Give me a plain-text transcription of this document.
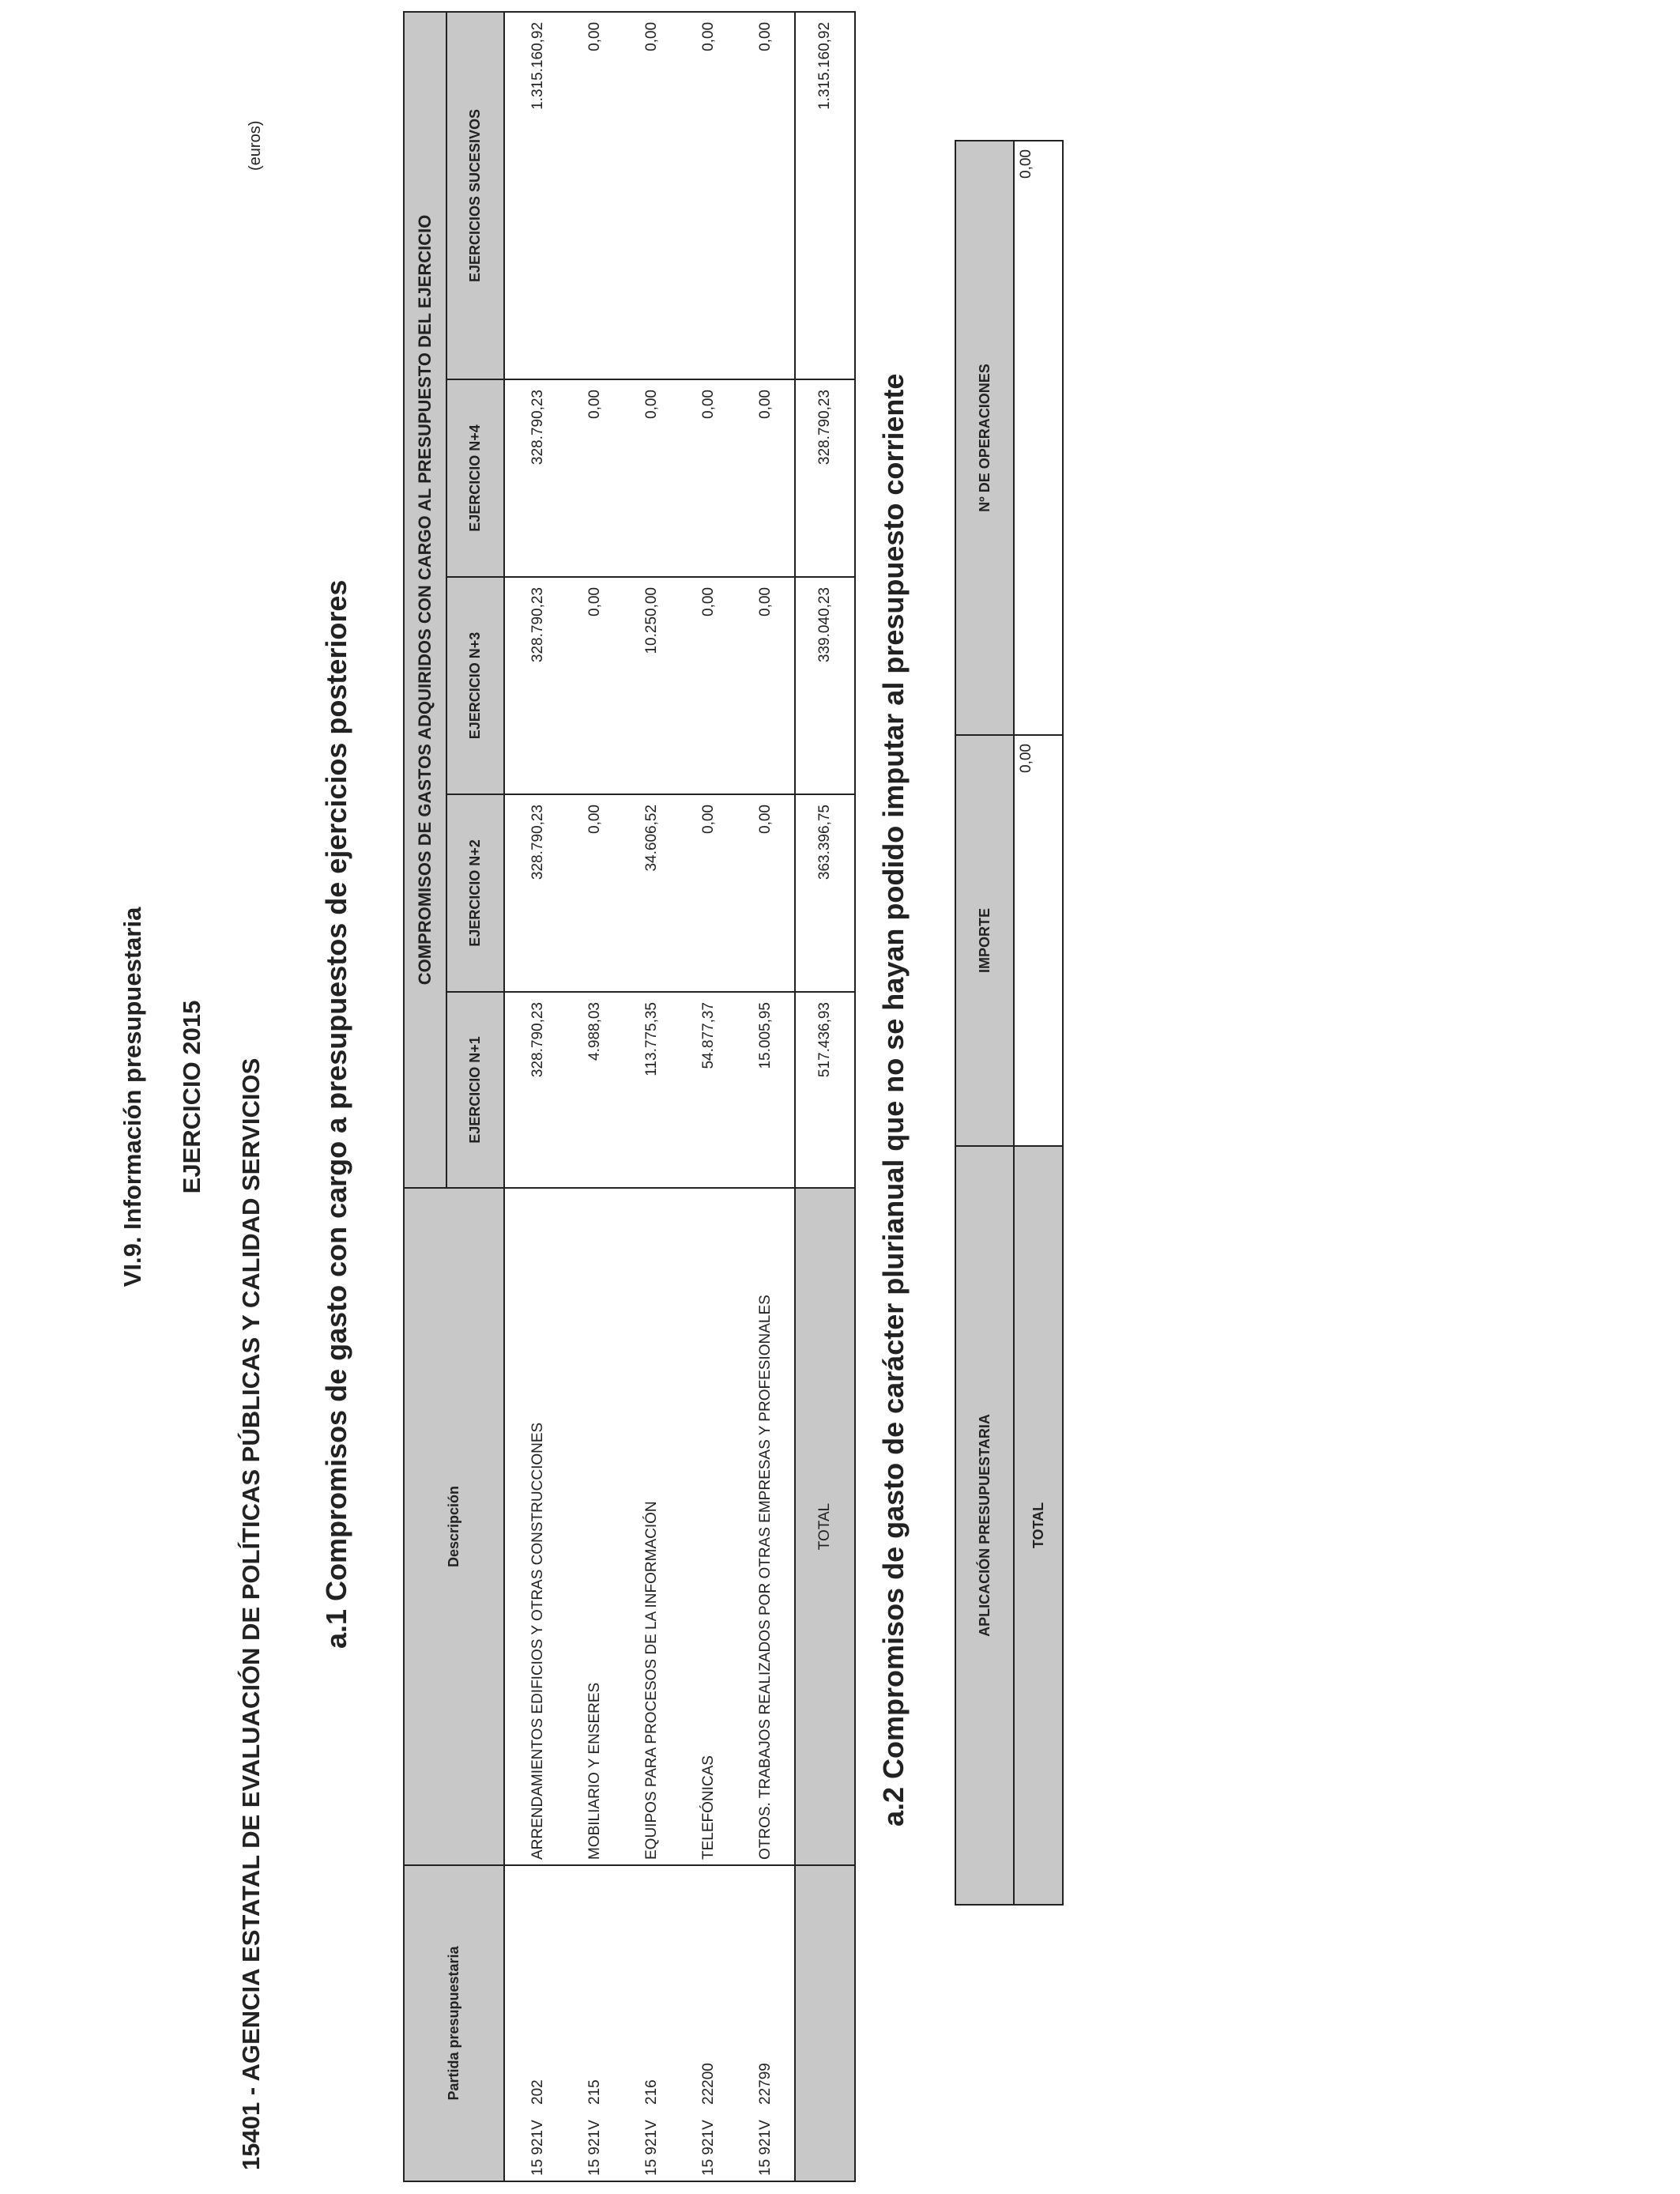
VI.9. Información presupuestaria EJERCICIO 2015 15401 - AGENCIA ESTATAL DE EVALUACIÓN DE POLÍTICAS PÚBLICAS Y CALIDAD SERVICIOS
(euros)
a.1 Compromisos de gasto con cargo a presupuestos de ejercicios posteriores
Partida presupuestaria	Descripción	COMPROMISOS DE GASTOS ADQUIRIDOS CON CARGO AL PRESUPUESTO DEL EJERCICIO				
		EJERCICIO N+1	EJERCICIO N+2	EJERCICIO N+3	EJERCICIO N+4	EJERCICIOS SUCESIVOS
15 921V202	ARRENDAMIENTOS EDIFICIOS Y OTRAS CONSTRUCCIONES	328.790,23	328.790,23	328.790,23	328.790,23	1.315.160,92
15 921V215	MOBILIARIO Y ENSERES	4.988,03	0,00	0,00	0,00	0,00
15 921V216	EQUIPOS PARA PROCESOS DE LA INFORMACIÓN	113.775,35	34.606,52	10.250,00	0,00	0,00
15 921V22200	TELEFÓNICAS	54.877,37	0,00	0,00	0,00	0,00
15 921V22799	OTROS. TRABAJOS REALIZADOS POR OTRAS EMPRESAS Y PROFESIONALES	15.005,95	0,00	0,00	0,00	0,00
	TOTAL	517.436,93	363.396,75	339.040,23	328.790,23	1.315.160,92
a.2 Compromisos de gasto de carácter plurianual que no se hayan podido imputar al presupuesto corriente	APLICACIÓN PRESUPUESTARIA	IMPORTE	Nº DE OPERACIONES
TOTAL	0,00	0,00
